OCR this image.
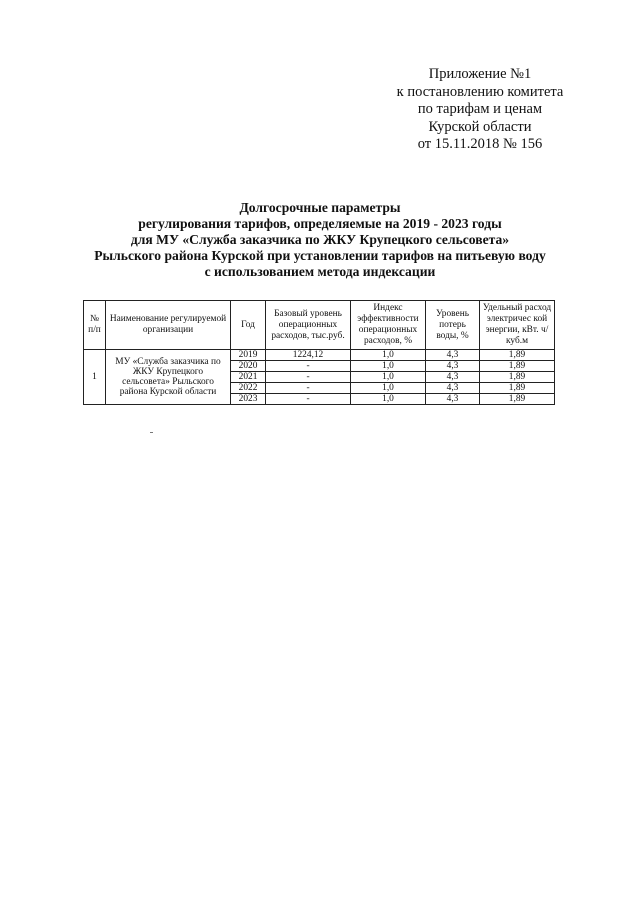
Приложение №1
к постановлению комитета
по тарифам и ценам
Курской области
от 15.11.2018 № 156
Долгосрочные параметры
регулирования тарифов, определяемые на 2019 - 2023 годы
для МУ «Служба заказчика по ЖКУ Крупецкого сельсовета»
Рыльского района Курской при установлении тарифов на питьевую воду
с использованием метода индексации
№ п/п	Наименование регулируемой организации	Год	Базовый уровень операционных расходов, тыс.руб.	Индекс эффективности операционных расходов, %	Уровень потерь воды, %	Удельный расход электричес кой энергии, кВт. ч/куб.м
1	МУ «Служба заказчика по ЖКУ Крупецкого сельсовета» Рыльского района Курской области	2019	1224,12	1,0	4,3	1,89
		2020	-	1,0	4,3	1,89
		2021	-	1,0	4,3	1,89
		2022	-	1,0	4,3	1,89
		2023	-	1,0	4,3	1,89
